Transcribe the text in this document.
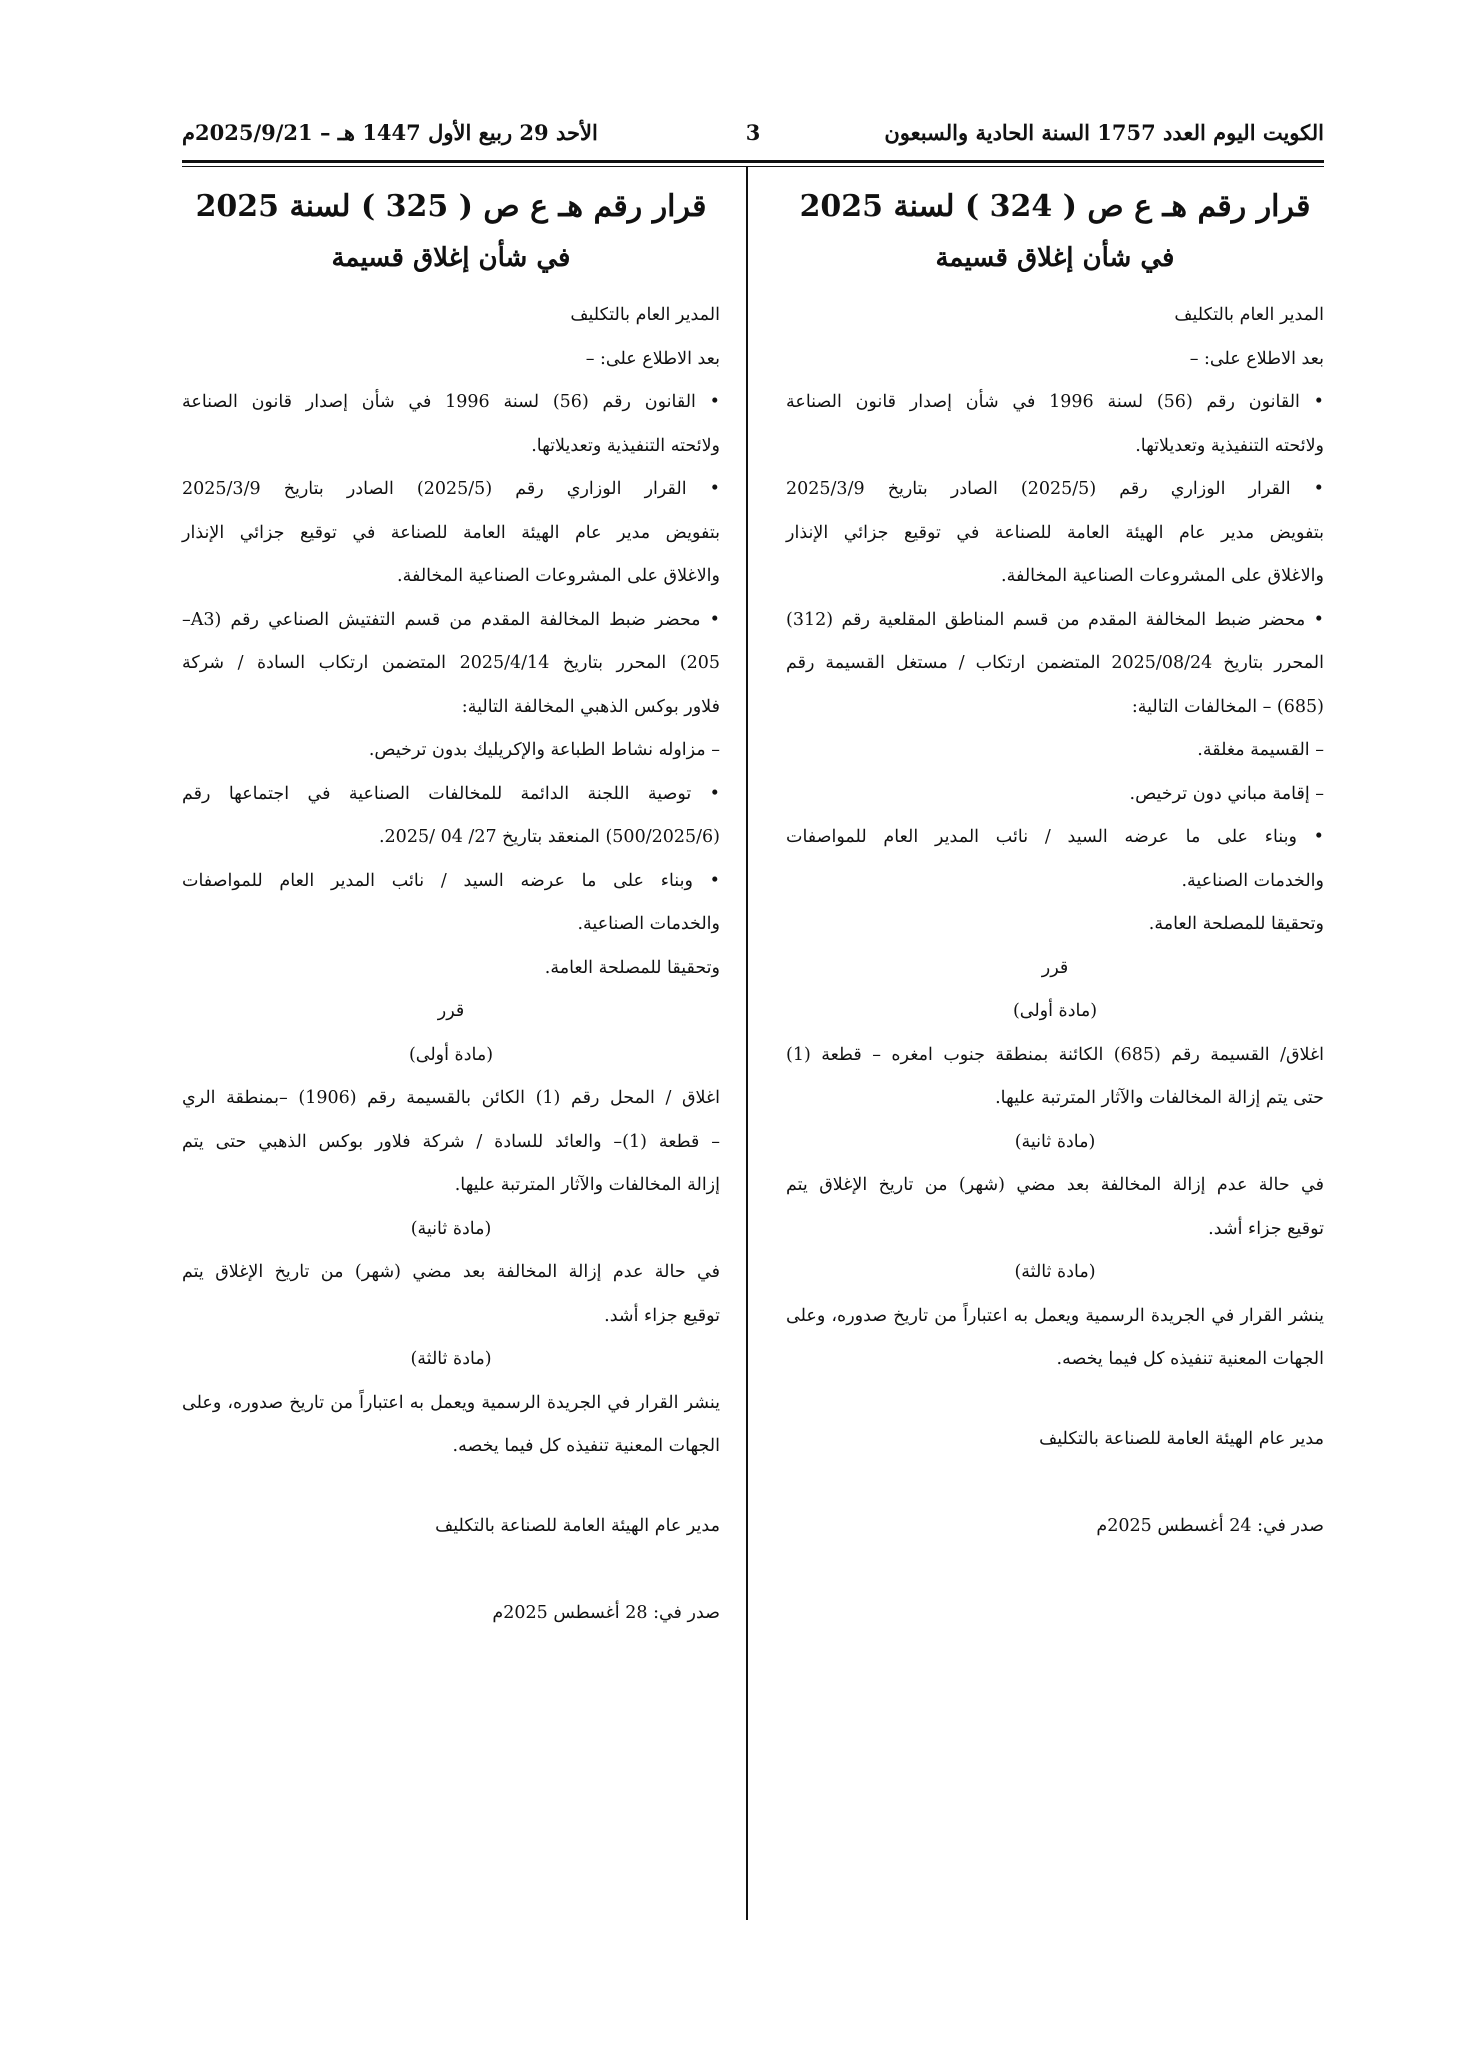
الكويت اليوم العدد 1757 السنة الحادية والسبعون
3
الأحد 29 ربيع الأول 1447 هـ – 2025/9/21م
قرار رقم هـ ع ص ( 324 ) لسنة 2025
في شأن إغلاق قسيمة

المدير العام بالتكليف

بعد الاطلاع على: –

• القانون رقم (56) لسنة 1996 في شأن إصدار قانون الصناعة

ولائحته التنفيذية وتعديلاتها.

• القرار الوزاري رقم (2025/5) الصادر بتاريخ 2025/3/9

بتفويض مدير عام الهيئة العامة للصناعة في توقيع جزائي الإنذار

والاغلاق على المشروعات الصناعية المخالفة.

• محضر ضبط المخالفة المقدم من قسم المناطق المقلعية رقم (312)

المحرر بتاريخ 2025/08/24 المتضمن ارتكاب / مستغل القسيمة رقم

(685) – المخالفات التالية:

– القسيمة مغلقة.

– إقامة مباني دون ترخيص.

• وبناء على ما عرضه السيد / نائب المدير العام للمواصفات

والخدمات الصناعية.

وتحقيقا للمصلحة العامة.

قرر

(مادة أولى)

اغلاق/ القسيمة رقم (685) الكائنة بمنطقة جنوب امغره – قطعة (1)

حتى يتم إزالة المخالفات والآثار المترتبة عليها.

(مادة ثانية)

في حالة عدم إزالة المخالفة بعد مضي (شهر) من تاريخ الإغلاق يتم

توقيع جزاء أشد.

(مادة ثالثة)

ينشر القرار في الجريدة الرسمية ويعمل به اعتباراً من تاريخ صدوره، وعلى

الجهات المعنية تنفيذه كل فيما يخصه.

مدير عام الهيئة العامة للصناعة بالتكليف

صدر في: 24 أغسطس 2025م

قرار رقم هـ ع ص ( 325 ) لسنة 2025
في شأن إغلاق قسيمة

المدير العام بالتكليف

بعد الاطلاع على: –

• القانون رقم (56) لسنة 1996 في شأن إصدار قانون الصناعة

ولائحته التنفيذية وتعديلاتها.

• القرار الوزاري رقم (2025/5) الصادر بتاريخ 2025/3/9

بتفويض مدير عام الهيئة العامة للصناعة في توقيع جزائي الإنذار

والاغلاق على المشروعات الصناعية المخالفة.

• محضر ضبط المخالفة المقدم من قسم التفتيش الصناعي رقم (A3–

205) المحرر بتاريخ 2025/4/14 المتضمن ارتكاب السادة / شركة

فلاور بوكس الذهبي المخالفة التالية:

– مزاوله نشاط الطباعة والإكريليك بدون ترخيص.

• توصية اللجنة الدائمة للمخالفات الصناعية في اجتماعها رقم

(500/2025/6) المنعقد بتاريخ 27/ 04 /2025.

• وبناء على ما عرضه السيد / نائب المدير العام للمواصفات

والخدمات الصناعية.

وتحقيقا للمصلحة العامة.

قرر

(مادة أولى)

اغلاق / المحل رقم (1) الكائن بالقسيمة رقم (1906) –بمنطقة الري

– قطعة (1)– والعائد للسادة / شركة فلاور بوكس الذهبي حتى يتم

إزالة المخالفات والآثار المترتبة عليها.

(مادة ثانية)

في حالة عدم إزالة المخالفة بعد مضي (شهر) من تاريخ الإغلاق يتم

توقيع جزاء أشد.

(مادة ثالثة)

ينشر القرار في الجريدة الرسمية ويعمل به اعتباراً من تاريخ صدوره، وعلى

الجهات المعنية تنفيذه كل فيما يخصه.

مدير عام الهيئة العامة للصناعة بالتكليف

صدر في: 28 أغسطس 2025م
